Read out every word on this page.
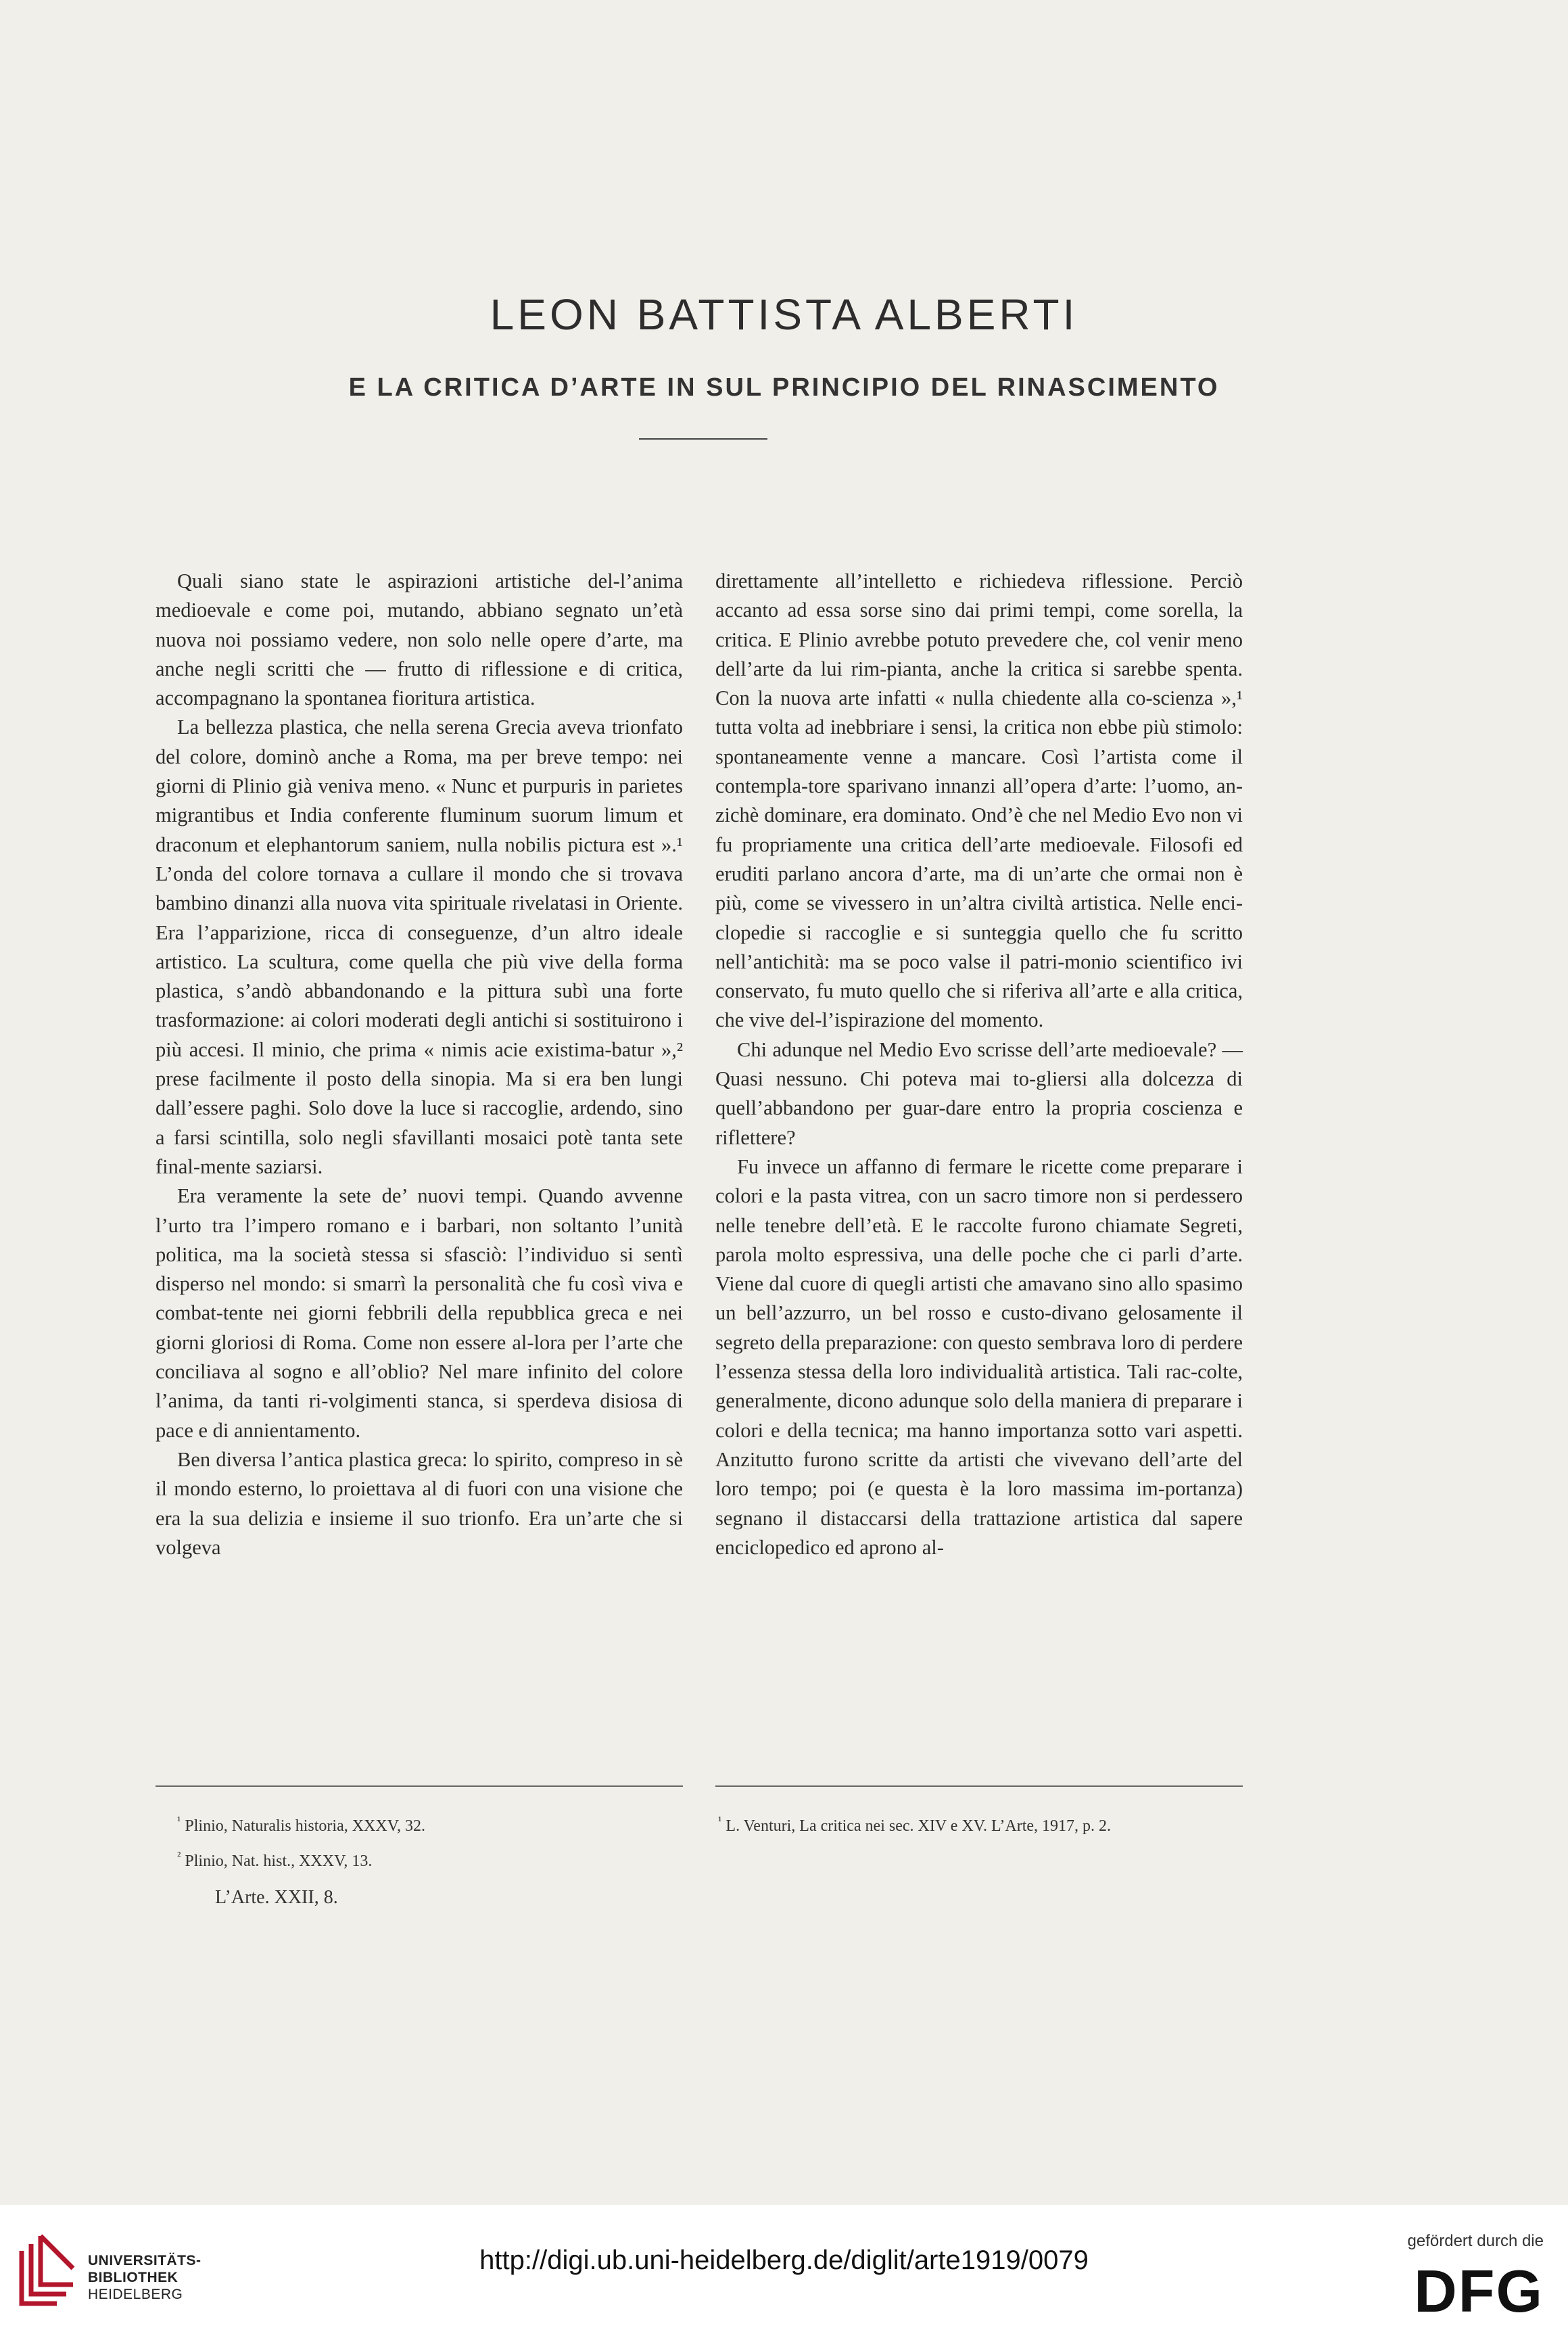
LEON BATTISTA ALBERTI
E LA CRITICA D’ARTE IN SUL PRINCIPIO DEL RINASCIMENTO

Quali siano state le aspirazioni artistiche del-l’anima medioevale e come poi, mutando, abbiano segnato un’età nuova noi possiamo vedere, non solo nelle opere d’arte, ma anche negli scritti che — frutto di riflessione e di critica, accompagnano la spontanea fioritura artistica.

La bellezza plastica, che nella serena Grecia aveva trionfato del colore, dominò anche a Roma, ma per breve tempo: nei giorni di Plinio già veniva meno. « Nunc et purpuris in parietes migrantibus et India conferente fluminum suorum limum et draconum et elephantorum saniem, nulla nobilis pictura est ».¹ L’onda del colore tornava a cullare il mondo che si trovava bambino dinanzi alla nuova vita spirituale rivelatasi in Oriente. Era l’apparizione, ricca di conseguenze, d’un altro ideale artistico. La scultura, come quella che più vive della forma plastica, s’andò abbandonando e la pittura subì una forte trasformazione: ai colori moderati degli antichi si sostituirono i più accesi. Il minio, che prima « nimis acie existima-batur »,² prese facilmente il posto della sinopia. Ma si era ben lungi dall’essere paghi. Solo dove la luce si raccoglie, ardendo, sino a farsi scintilla, solo negli sfavillanti mosaici potè tanta sete final-mente saziarsi.

Era veramente la sete de’ nuovi tempi. Quando avvenne l’urto tra l’impero romano e i barbari, non soltanto l’unità politica, ma la società stessa si sfasciò: l’individuo si sentì disperso nel mondo: si smarrì la personalità che fu così viva e combat-tente nei giorni febbrili della repubblica greca e nei giorni gloriosi di Roma. Come non essere al-lora per l’arte che conciliava al sogno e all’oblio? Nel mare infinito del colore l’anima, da tanti ri-volgimenti stanca, si sperdeva disiosa di pace e di annientamento.

Ben diversa l’antica plastica greca: lo spirito, compreso in sè il mondo esterno, lo proiettava al di fuori con una visione che era la sua delizia e insieme il suo trionfo. Era un’arte che si volgeva

direttamente all’intelletto e richiedeva riflessione. Perciò accanto ad essa sorse sino dai primi tempi, come sorella, la critica. E Plinio avrebbe potuto prevedere che, col venir meno dell’arte da lui rim-pianta, anche la critica si sarebbe spenta. Con la nuova arte infatti « nulla chiedente alla co-scienza »,¹ tutta volta ad inebbriare i sensi, la critica non ebbe più stimolo: spontaneamente venne a mancare. Così l’artista come il contempla-tore sparivano innanzi all’opera d’arte: l’uomo, an-zichè dominare, era dominato. Ond’è che nel Medio Evo non vi fu propriamente una critica dell’arte medioevale. Filosofi ed eruditi parlano ancora d’arte, ma di un’arte che ormai non è più, come se vivessero in un’altra civiltà artistica. Nelle enci-clopedie si raccoglie e si sunteggia quello che fu scritto nell’antichità: ma se poco valse il patri-monio scientifico ivi conservato, fu muto quello che si riferiva all’arte e alla critica, che vive del-l’ispirazione del momento.

Chi adunque nel Medio Evo scrisse dell’arte medioevale? — Quasi nessuno. Chi poteva mai to-gliersi alla dolcezza di quell’abbandono per guar-dare entro la propria coscienza e riflettere?

Fu invece un affanno di fermare le ricette come preparare i colori e la pasta vitrea, con un sacro timore non si perdessero nelle tenebre dell’età. E le raccolte furono chiamate Segreti, parola molto espressiva, una delle poche che ci parli d’arte. Viene dal cuore di quegli artisti che amavano sino allo spasimo un bell’azzurro, un bel rosso e custo-divano gelosamente il segreto della preparazione: con questo sembrava loro di perdere l’essenza stessa della loro individualità artistica. Tali rac-colte, generalmente, dicono adunque solo della maniera di preparare i colori e della tecnica; ma hanno importanza sotto vari aspetti. Anzitutto furono scritte da artisti che vivevano dell’arte del loro tempo; poi (e questa è la loro massima im-portanza) segnano il distaccarsi della trattazione artistica dal sapere enciclopedico ed aprono al-

$^{^1}$ Plinio, Naturalis historia, XXXV, 32.

$^{^2}$ Plinio, Nat. hist., XXXV, 13.

$^{^1}$ L. Venturi, La critica nei sec. XIV e XV. L’Arte, 1917, p. 2.

L’Arte. XXII, 8.
UNIVERSITÄTS-
BIBLIOTHEK
HEIDELBERG
http://digi.ub.uni-heidelberg.de/diglit/arte1919/0079
gefördert durch die
DFG
